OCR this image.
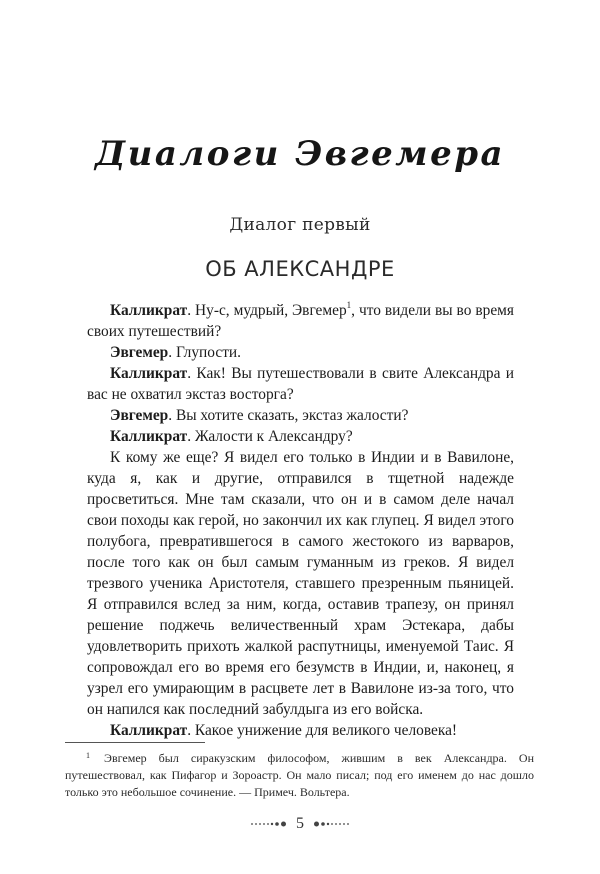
Диалоги Эвгемера
Диалог первый
ОБ АЛЕКСАНДРЕ

Калликрат. Ну-с, мудрый, Эвгемер$^1$, что видели вы во время своих путешествий?

Эвгемер. Глупости.

Калликрат. Как! Вы путешествовали в свите Александра и вас не охватил экстаз восторга?

Эвгемер. Вы хотите сказать, экстаз жалости?

Калликрат. Жалости к Александру?

К кому же еще? Я видел его только в Индии и в Вавилоне, куда я, как и другие, отправился в тщетной надежде просветиться. Мне там сказали, что он и в самом деле начал свои походы как герой, но закончил их как глупец. Я видел этого полубога, превратившегося в самого жестокого из варваров, после того как он был самым гуманным из греков. Я видел трезвого ученика Аристотеля, ставшего презренным пьяницей. Я отправился вслед за ним, когда, оставив трапезу, он принял решение поджечь величественный храм Эстекара, дабы удовлетворить прихоть жалкой распутницы, именуемой Таис. Я сопровождал его во время его безумств в Индии, и, наконец, я узрел его умирающим в расцвете лет в Вавилоне из-за того, что он напился как последний забулдыга из его войска.

Калликрат. Какое унижение для великого человека!

$^1$ Эвгемер был сиракузским философом, жившим в век Александра. Он путешествовал, как Пифагор и Зороастр. Он мало писал; под его именем до нас дошло только это небольшое сочинение. — Примеч. Вольтера.
5
